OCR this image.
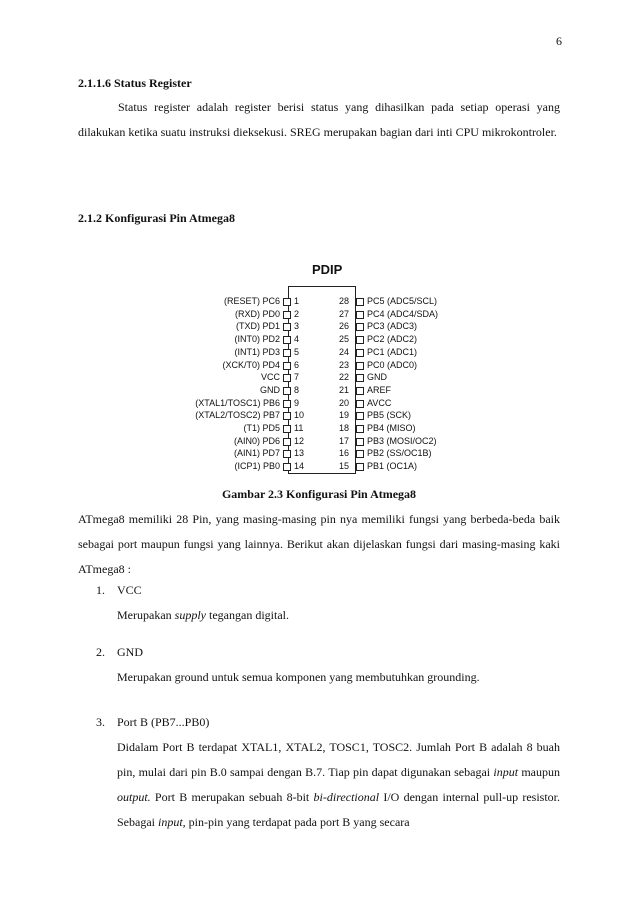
6
2.1.1.6 Status Register

Status register adalah register berisi status yang dihasilkan pada setiap operasi yang dilakukan ketika suatu instruksi dieksekusi. SREG merupakan bagian dari inti CPU mikrokontroler.

2.1.2 Konfigurasi Pin Atmega8
PDIP
(RESET) PC6 1	28 PC5 (ADC5/SCL)
(RXD) PD0 2	27 PC4 (ADC4/SDA)
(TXD) PD1 3	26 PC3 (ADC3)
(INT0) PD2 4	25 PC2 (ADC2)
(INT1) PD3 5	24 PC1 (ADC1)
(XCK/T0) PD4 6	23 PC0 (ADC0)
VCC 7	22 GND
GND 8	21 AREF
(XTAL1/TOSC1) PB6 9	20 AVCC
(XTAL2/TOSC2) PB7 10	19 PB5 (SCK)
(T1) PD5 11	18 PB4 (MISO)
(AIN0) PD6 12	17 PB3 (MOSI/OC2)
(AIN1) PD7 13	16 PB2 (SS/OC1B)
(ICP1) PB0 14	15 PB1 (OC1A)
Gambar 2.3 Konfigurasi Pin Atmega8

ATmega8 memiliki 28 Pin, yang masing-masing pin nya memiliki fungsi yang berbeda-beda baik sebagai port maupun fungsi yang lainnya. Berikut akan dijelaskan fungsi dari masing-masing kaki ATmega8 :

1. VCC

Merupakan supply tegangan digital.

2. GND

Merupakan ground untuk semua komponen yang membutuhkan grounding.

3. Port B (PB7...PB0)

Didalam Port B terdapat XTAL1, XTAL2, TOSC1, TOSC2. Jumlah Port B adalah 8 buah pin, mulai dari pin B.0 sampai dengan B.7. Tiap pin dapat digunakan sebagai input maupun output. Port B merupakan sebuah 8-bit bi-directional I/O dengan internal pull-up resistor. Sebagai input, pin-pin yang terdapat pada port B yang secara
